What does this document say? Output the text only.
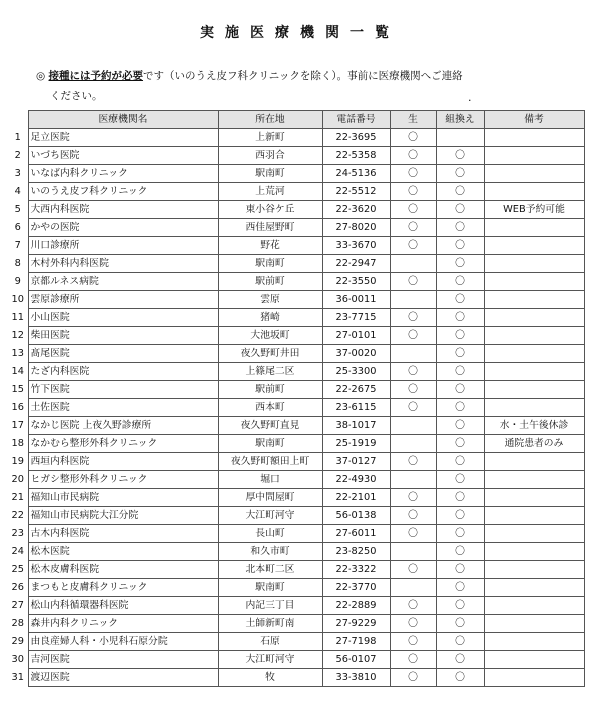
実施医療機関一覧
◎ 接種には予約が必要です（いのうえ皮フ科クリニックを除く）。事前に医療機関へご連絡
ください。	.
	医療機関名	所在地	電話番号	生	組換え	備考
1	足立医院	上新町	22-3695	〇		
2	いづち医院	西羽合	22-5358	〇	〇	
3	いなば内科クリニック	駅南町	24-5136	〇	〇	
4	いのうえ皮フ科クリニック	上荒河	22-5512	〇	〇	
5	大西内科医院	東小谷ケ丘	22-3620	〇	〇	WEB予約可能
6	かやの医院	西佳屋野町	27-8020	〇	〇	
7	川口診療所	野花	33-3670	〇	〇	
8	木村外科内科医院	駅南町	22-2947		〇	
9	京都ルネス病院	駅前町	22-3550	〇	〇	
10	雲原診療所	雲原	36-0011		〇	
11	小山医院	猪崎	23-7715	〇	〇	
12	柴田医院	大池坂町	27-0101	〇	〇	
13	髙尾医院	夜久野町井田	37-0020		〇	
14	たざ内科医院	上篠尾二区	25-3300	〇	〇	
15	竹下医院	駅前町	22-2675	〇	〇	
16	土佐医院	西本町	23-6115	〇	〇	
17	なかじ医院 上夜久野診療所	夜久野町直見	38-1017		〇	水・土午後休診
18	なかむら整形外科クリニック	駅南町	25-1919		〇	通院患者のみ
19	西垣内科医院	夜久野町額田上町	37-0127	〇	〇	
20	ヒガシ整形外科クリニック	堀口	22-4930		〇	
21	福知山市民病院	厚中問屋町	22-2101	〇	〇	
22	福知山市民病院大江分院	大江町河守	56-0138	〇	〇	
23	古木内科医院	長山町	27-6011	〇	〇	
24	松木医院	和久市町	23-8250		〇	
25	松木皮膚科医院	北本町二区	22-3322	〇	〇	
26	まつもと皮膚科クリニック	駅南町	22-3770		〇	
27	松山内科循環器科医院	内記三丁目	22-2889	〇	〇	
28	森井内科クリニック	土師新町南	27-9229	〇	〇	
29	由良産婦人科・小児科石原分院	石原	27-7198	〇	〇	
30	吉河医院	大江町河守	56-0107	〇	〇	
31	渡辺医院	牧	33-3810	〇	〇	
